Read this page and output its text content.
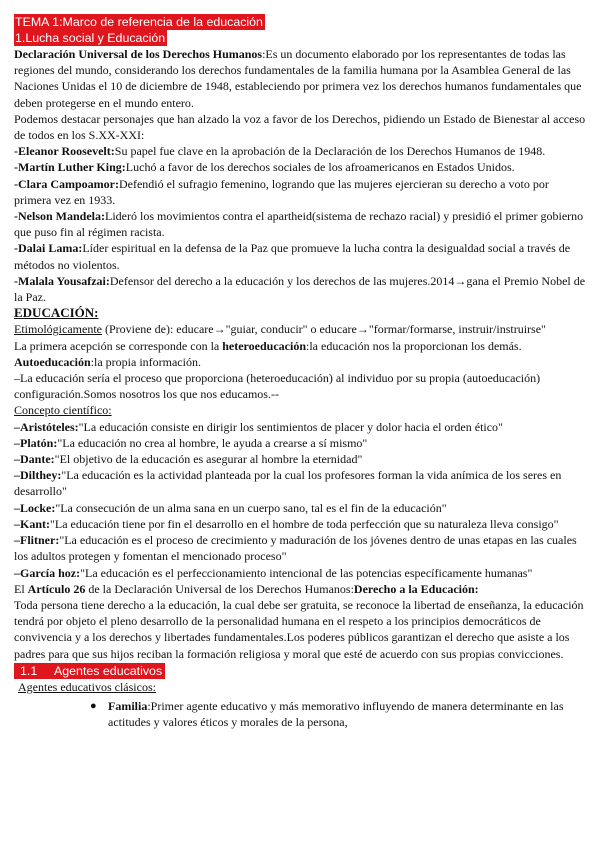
TEMA 1:Marco de referencia de la educación
1.Lucha social y Educación

Declaración Universal de los Derechos Humanos:Es un documento elaborado por los representantes de todas las regiones del mundo, considerando los derechos fundamentales de la familia humana por la Asamblea General de las Naciones Unidas el 10 de diciembre de 1948, estableciendo por primera vez los derechos humanos fundamentales que deben protegerse en el mundo entero.

Podemos destacar personajes que han alzado la voz a favor de los Derechos, pidiendo un Estado de Bienestar al acceso de todos en los S.XX-XXI:

-Eleanor Roosevelt:Su papel fue clave en la aprobación de la Declaración de los Derechos Humanos de 1948.

-Martín Luther King:Luchó a favor de los derechos sociales de los afroamericanos en Estados Unidos.

-Clara Campoamor:Defendió el sufragio femenino, logrando que las mujeres ejercieran su derecho a voto por primera vez en 1933.

-Nelson Mandela:Lideró los movimientos contra el apartheid(sistema de rechazo racial) y presidió el primer gobierno que puso fin al régimen racista.

-Dalai Lama:Líder espiritual en la defensa de la Paz que promueve la lucha contra la desigualdad social a través de métodos no violentos.

-Malala Yousafzai:Defensor del derecho a la educación y los derechos de las mujeres.2014→gana el Premio Nobel de la Paz.

EDUCACIÓN:

Etimológicamente (Proviene de): educare→"guiar, conducir" o educare→"formar/formarse, instruir/instruirse"

La primera acepción se corresponde con la heteroeducación:la educación nos la proporcionan los demás.

Autoeducación:la propia información.

–La educación sería el proceso que proporciona (heteroeducación) al individuo por su propia (autoeducación) configuración.Somos nosotros los que nos educamos.--

Concepto científico:

–Aristóteles:"La educación consiste en dirigir los sentimientos de placer y dolor hacia el orden ético"

–Platón:"La educación no crea al hombre, le ayuda a crearse a sí mismo"

–Dante:"El objetivo de la educación es asegurar al hombre la eternidad"

–Dilthey:"La educación es la actividad planteada por la cual los profesores forman la vida anímica de los seres en desarrollo"

–Locke:"La consecución de un alma sana en un cuerpo sano, tal es el fin de la educación"

–Kant:"La educación tiene por fin el desarrollo en el hombre de toda perfección que su naturaleza lleva consigo"

–Flitner:"La educación es el proceso de crecimiento y maduración de los jóvenes dentro de unas etapas en las cuales los adultos protegen y fomentan el mencionado proceso"

–García hoz:"La educación es el perfeccionamiento intencional de las potencias específicamente humanas"

El Artículo 26 de la Declaración Universal de los Derechos Humanos:Derecho a la Educación:

Toda persona tiene derecho a la educación, la cual debe ser gratuita, se reconoce la libertad de enseñanza, la educación tendrá por objeto el pleno desarrollo de la personalidad humana en el respeto a los principios democráticos de convivencia y a los derechos y libertades fundamentales.Los poderes públicos garantizan el derecho que asiste a los padres para que sus hijos reciban la formación religiosa y moral que esté de acuerdo con sus propias convicciones.

1.1 Agentes educativos

Agentes educativos clásicos:

● Familia:Primer agente educativo y más memorativo influyendo de manera determinante en las actitudes y valores éticos y morales de la persona,
